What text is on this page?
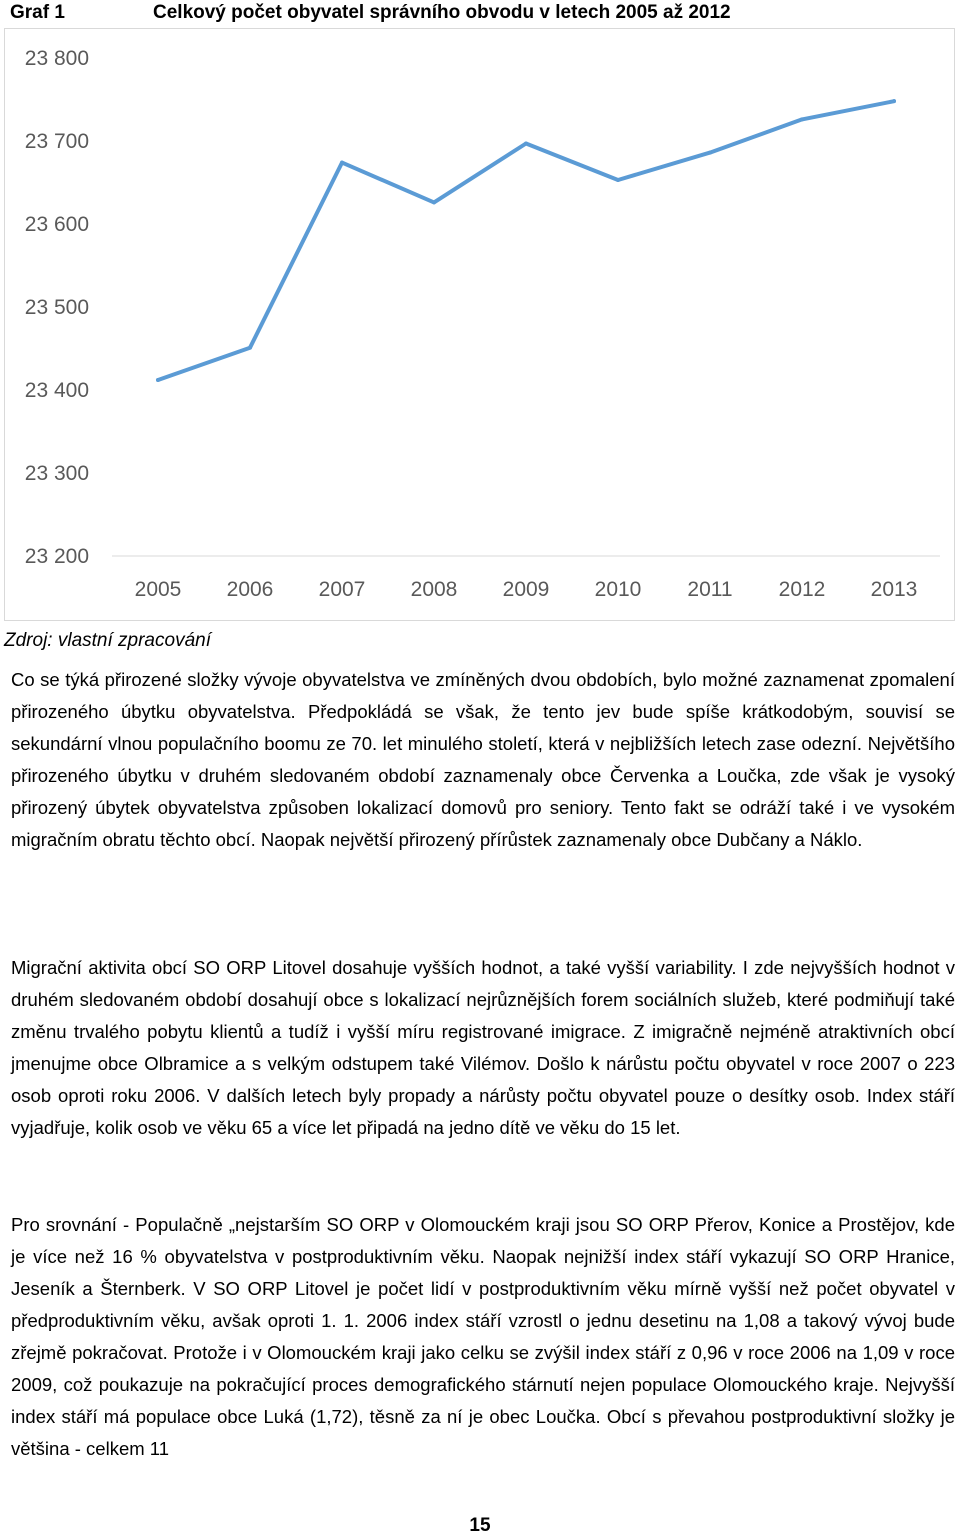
Graf 1	Celkový počet obyvatel správního obvodu v letech 2005 až 2012
23 200
23 300
23 400
23 500
23 600
23 700
23 800
2005 2006 2007 2008 2009 2010 2011 2012 2013
Zdroj: vlastní zpracování

Co se týká přirozené složky vývoje obyvatelstva ve zmíněných dvou obdobích, bylo možné zaznamenat zpomalení přirozeného úbytku obyvatelstva. Předpokládá se však, že tento jev bude spíše krátkodobým, souvisí se sekundární vlnou populačního boomu ze 70. let minulého století, která v nejbližších letech zase odezní. Největšího přirozeného úbytku v druhém sledovaném období zaznamenaly obce Červenka a Loučka, zde však je vysoký přirozený úbytek obyvatelstva způsoben lokalizací domovů pro seniory. Tento fakt se odráží také i ve vysokém migračním obratu těchto obcí. Naopak největší přirozený přírůstek zaznamenaly obce Dubčany a Náklo.

Migrační aktivita obcí SO ORP Litovel dosahuje vyšších hodnot, a také vyšší variability. I zde nejvyšších hodnot v druhém sledovaném období dosahují obce s lokalizací nejrůznějších forem sociálních služeb, které podmiňují také změnu trvalého pobytu klientů a tudíž i vyšší míru registrované imigrace. Z imigračně nejméně atraktivních obcí jmenujme obce Olbramice a s velkým odstupem také Vilémov. Došlo k nárůstu počtu obyvatel v roce 2007 o 223 osob oproti roku 2006. V dalších letech byly propady a nárůsty počtu obyvatel pouze o desítky osob. Index stáří vyjadřuje, kolik osob ve věku 65 a více let připadá na jedno dítě ve věku do 15 let.

Pro srovnání - Populačně „nejstarším SO ORP v Olomouckém kraji jsou SO ORP Přerov, Konice a Prostějov, kde je více než 16 % obyvatelstva v postproduktivním věku. Naopak nejnižší index stáří vykazují SO ORP Hranice, Jeseník a Šternberk. V SO ORP Litovel je počet lidí v postproduktivním věku mírně vyšší než počet obyvatel v předproduktivním věku, avšak oproti 1. 1. 2006 index stáří vzrostl o jednu desetinu na 1,08 a takový vývoj bude zřejmě pokračovat. Protože i v Olomouckém kraji jako celku se zvýšil index stáří z 0,96 v roce 2006 na 1,09 v roce 2009, což poukazuje na pokračující proces demografického stárnutí nejen populace Olomouckého kraje. Nejvyšší index stáří má populace obce Luká (1,72), těsně za ní je obec Loučka. Obcí s převahou postproduktivní složky je většina - celkem 11

15
